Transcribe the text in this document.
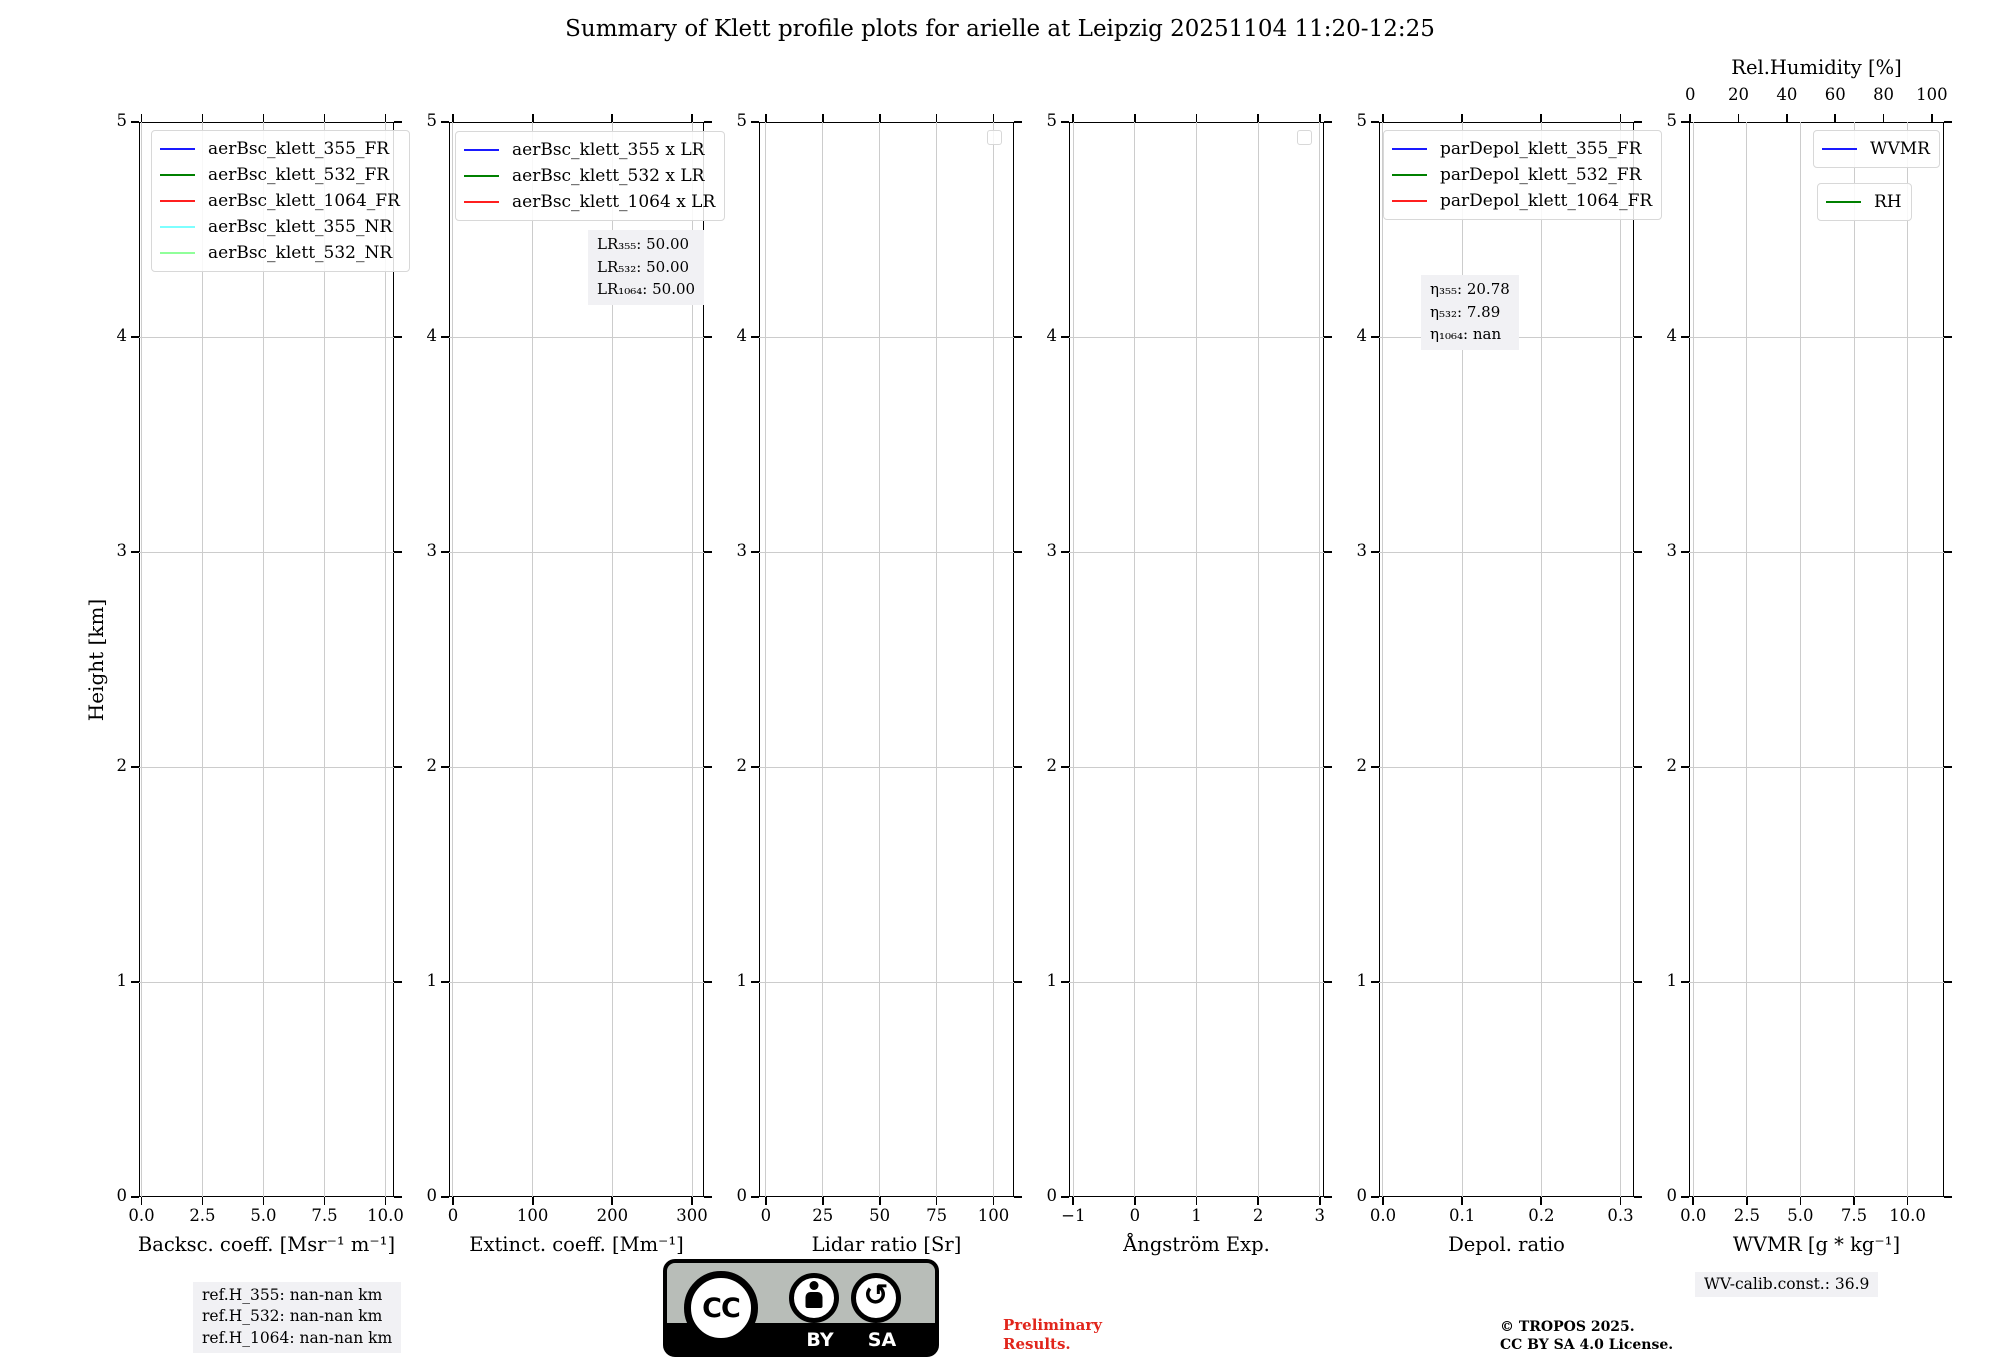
Summary of Klett profile plots for arielle at Leipzig 20251104 11:20-12:25
Height [km]
0.0	2.5	5.0	7.5	10.0
0
1
2
3
4
5
Backsc. coeff. [Msr⁻¹ m⁻¹]
aerBsc_klett_355_FR
aerBsc_klett_532_FR
aerBsc_klett_1064_FR
aerBsc_klett_355_NR
aerBsc_klett_532_NR
0	100	200	300
0
1
2
3
4
5
Extinct. coeff. [Mm⁻¹]
aerBsc_klett_355 x LR
aerBsc_klett_532 x LR
aerBsc_klett_1064 x LR
LR₃₅₅: 50.00
LR₅₃₂: 50.00
LR₁₀₆₄: 50.00
0	25	50	75	100
0
1
2
3
4
5
Lidar ratio [Sr]
−1	0	1	2	3
0
1
2
3
4
5
Ångström Exp.
0.0	0.1	0.2	0.3
0
1
2
3
4
5
Depol. ratio
parDepol_klett_355_FR
parDepol_klett_532_FR
parDepol_klett_1064_FR
η₃₅₅: 20.78
η₅₃₂: 7.89
η₁₀₆₄: nan
0.0	2.5	5.0	7.5	10.0
0
1
2
3
4
5
WVMR [g * kg⁻¹]
0	20	40	60	80	100
Rel.Humidity [%]
WVMR
RH
ref.H_355: nan-nan km
ref.H_532: nan-nan km
ref.H_1064: nan-nan km
CC	↺
BY	SA
Preliminary
Results.
© TROPOS 2025.
CC BY SA 4.0 License.
WV-calib.const.: 36.9
